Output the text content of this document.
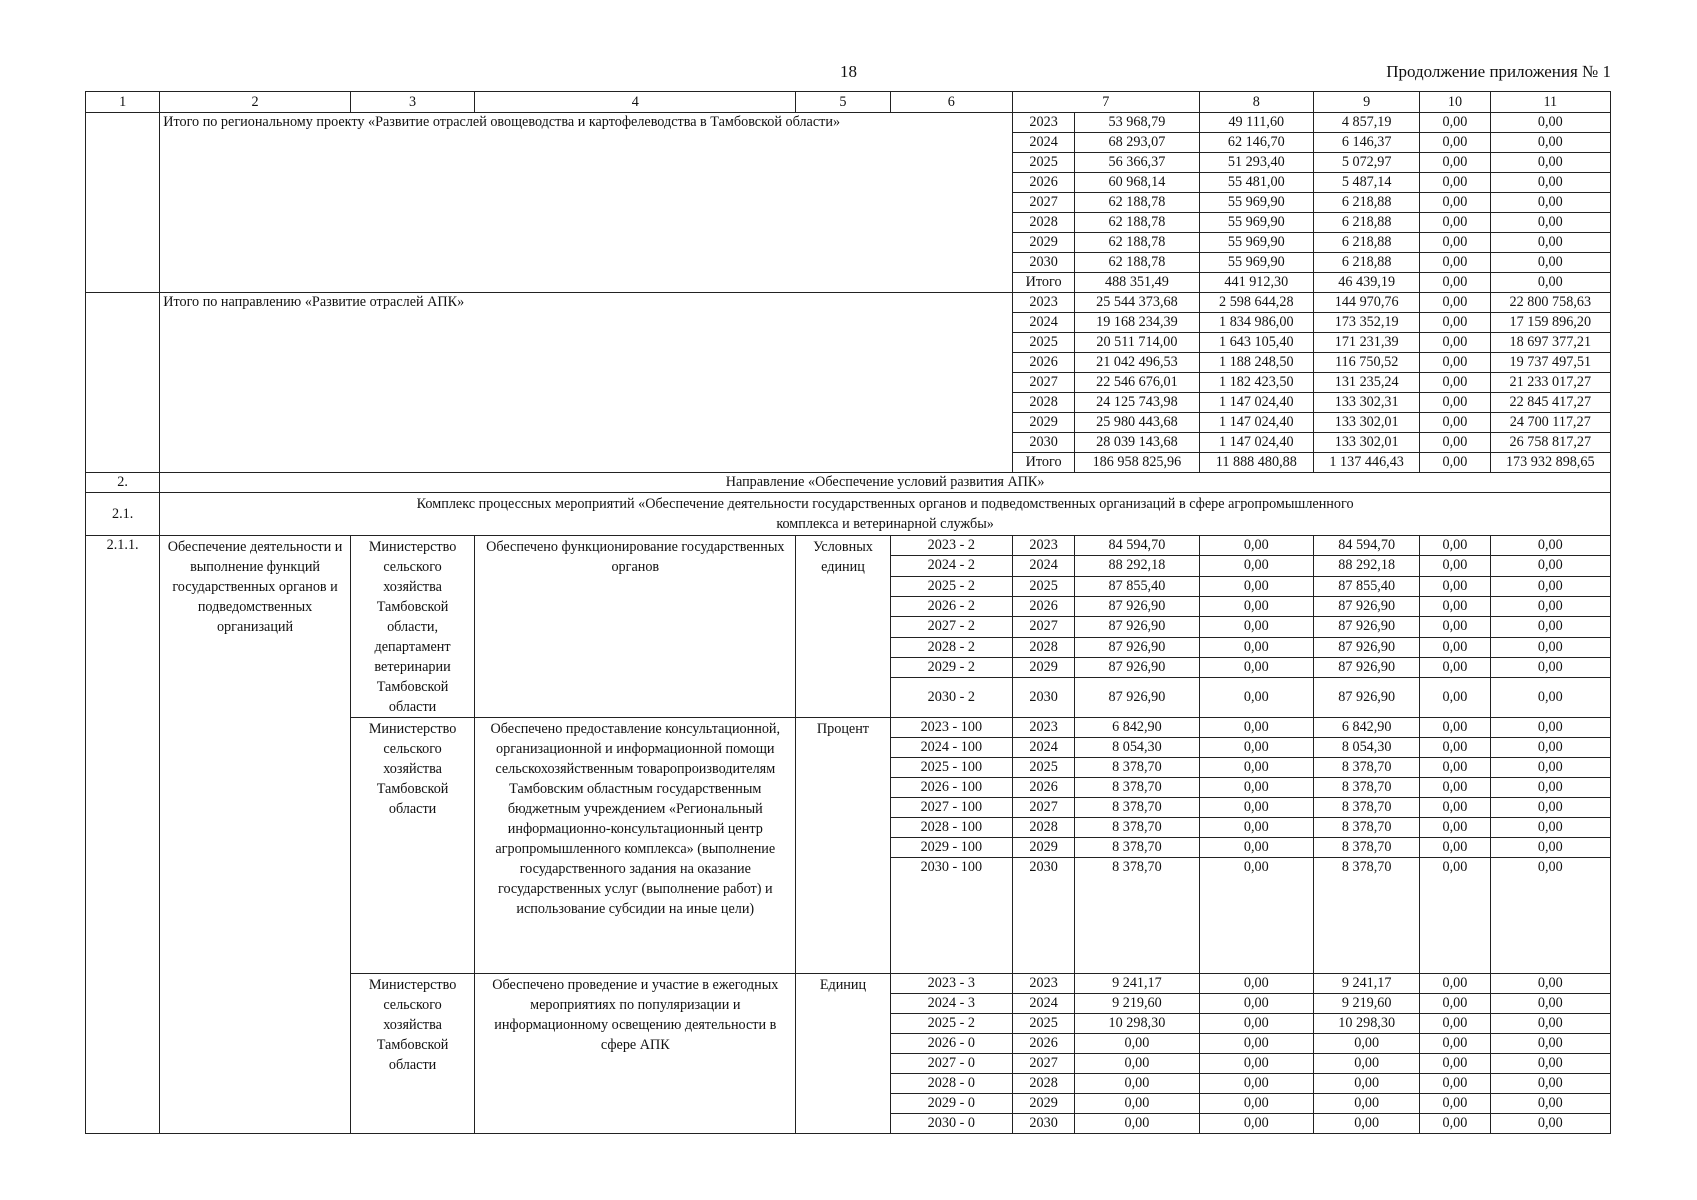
18	Продолжение приложения № 1
1	2	3	4	5	6	7		8	9	10	11
	Итого по региональному проекту «Развитие отраслей овощеводства и картофелеводства в Тамбовской области»					2023	53 968,79	49 111,60	4 857,19	0,00	0,00
						2024	68 293,07	62 146,70	6 146,37	0,00	0,00
						2025	56 366,37	51 293,40	5 072,97	0,00	0,00
						2026	60 968,14	55 481,00	5 487,14	0,00	0,00
						2027	62 188,78	55 969,90	6 218,88	0,00	0,00
						2028	62 188,78	55 969,90	6 218,88	0,00	0,00
						2029	62 188,78	55 969,90	6 218,88	0,00	0,00
						2030	62 188,78	55 969,90	6 218,88	0,00	0,00
						Итого	488 351,49	441 912,30	46 439,19	0,00	0,00
	Итого по направлению «Развитие отраслей АПК»					2023	25 544 373,68	2 598 644,28	144 970,76	0,00	22 800 758,63
						2024	19 168 234,39	1 834 986,00	173 352,19	0,00	17 159 896,20
						2025	20 511 714,00	1 643 105,40	171 231,39	0,00	18 697 377,21
						2026	21 042 496,53	1 188 248,50	116 750,52	0,00	19 737 497,51
						2027	22 546 676,01	1 182 423,50	131 235,24	0,00	21 233 017,27
						2028	24 125 743,98	1 147 024,40	133 302,31	0,00	22 845 417,27
						2029	25 980 443,68	1 147 024,40	133 302,01	0,00	24 700 117,27
						2030	28 039 143,68	1 147 024,40	133 302,01	0,00	26 758 817,27
						Итого	186 958 825,96	11 888 480,88	1 137 446,43	0,00	173 932 898,65
2.	Направление «Обеспечение условий развития АПК»										
2.1.	Комплекс процессных мероприятий «Обеспечение деятельности государственных органов и подведомственных организаций в сфере агропромышленного комплекса и ветеринарной службы»										
2.1.1.	Обеспечение деятельности и выполнение функций государственных органов и подведомственных организаций	Министерство сельского хозяйства Тамбовской области, департамент ветеринарии Тамбовской области	Обеспечено функционирование государственных органов	Условных единиц	2023 - 2	2023	84 594,70	0,00	84 594,70	0,00	0,00
					2024 - 2	2024	88 292,18	0,00	88 292,18	0,00	0,00
					2025 - 2	2025	87 855,40	0,00	87 855,40	0,00	0,00
					2026 - 2	2026	87 926,90	0,00	87 926,90	0,00	0,00
					2027 - 2	2027	87 926,90	0,00	87 926,90	0,00	0,00
					2028 - 2	2028	87 926,90	0,00	87 926,90	0,00	0,00
					2029 - 2	2029	87 926,90	0,00	87 926,90	0,00	0,00
					2030 - 2	2030	87 926,90	0,00	87 926,90	0,00	0,00
		Министерство сельского хозяйства Тамбовской области	Обеспечено предоставление консультационной, организационной и информационной помощи сельскохозяйственным товаропроизводителям Тамбовским областным государственным бюджетным учреждением «Региональный информационно-консультационный центр агропромышленного комплекса» (выполнение государственного задания на оказание государственных услуг (выполнение работ) и использование субсидии на иные цели)	Процент	2023 - 100	2023	6 842,90	0,00	6 842,90	0,00	0,00
					2024 - 100	2024	8 054,30	0,00	8 054,30	0,00	0,00
					2025 - 100	2025	8 378,70	0,00	8 378,70	0,00	0,00
					2026 - 100	2026	8 378,70	0,00	8 378,70	0,00	0,00
					2027 - 100	2027	8 378,70	0,00	8 378,70	0,00	0,00
					2028 - 100	2028	8 378,70	0,00	8 378,70	0,00	0,00
					2029 - 100	2029	8 378,70	0,00	8 378,70	0,00	0,00
					2030 - 100	2030	8 378,70	0,00	8 378,70	0,00	0,00
		Министерство сельского хозяйства Тамбовской области	Обеспечено проведение и участие в ежегодных мероприятиях по популяризации и информационному освещению деятельности в сфере АПК	Единиц	2023 - 3	2023	9 241,17	0,00	9 241,17	0,00	0,00
					2024 - 3	2024	9 219,60	0,00	9 219,60	0,00	0,00
					2025 - 2	2025	10 298,30	0,00	10 298,30	0,00	0,00
					2026 - 0	2026	0,00	0,00	0,00	0,00	0,00
					2027 - 0	2027	0,00	0,00	0,00	0,00	0,00
					2028 - 0	2028	0,00	0,00	0,00	0,00	0,00
					2029 - 0	2029	0,00	0,00	0,00	0,00	0,00
					2030 - 0	2030	0,00	0,00	0,00	0,00	0,00
